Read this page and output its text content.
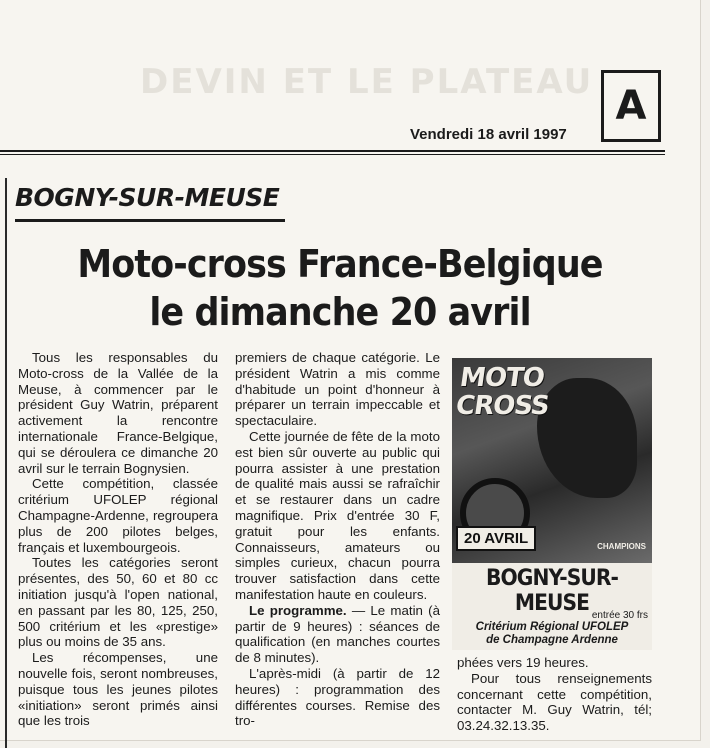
DEVIN ET LE PLATEAU
Vendredi 18 avril 1997
A
BOGNY-SUR-MEUSE
Moto-cross France-Belgique
le dimanche 20 avril

Tous les responsables du Moto-cross de la Vallée de la Meuse, à commencer par le président Guy Watrin, préparent activement la rencontre internationale France-Belgique, qui se déroulera ce dimanche 20 avril sur le terrain Bognysien.

Cette compétition, classée critérium UFOLEP régional Champagne-Ardenne, regroupera plus de 200 pilotes belges, français et luxembourgeois.

Toutes les catégories seront présentes, des 50, 60 et 80 cc initiation jusqu'à l'open national, en passant par les 80, 125, 250, 500 critérium et les «prestige» plus ou moins de 35 ans.

Les récompenses, une nouvelle fois, seront nombreuses, puisque tous les jeunes pilotes «initiation» seront primés ainsi que les trois

premiers de chaque catégorie. Le président Watrin a mis comme d'habitude un point d'honneur à préparer un terrain impeccable et spectaculaire.

Cette journée de fête de la moto est bien sûr ouverte au public qui pourra assister à une prestation de qualité mais aussi se rafraîchir et se restaurer dans un cadre magnifique. Prix d'entrée 30 F, gratuit pour les enfants. Connaisseurs, amateurs ou simples curieux, chacun pourra trouver satisfaction dans cette manifestation haute en couleurs.

Le programme. — Le matin (à partir de 9 heures) : séances de qualification (en manches courtes de 8 minutes).

L'après-midi (à partir de 12 heures) : programmation des différentes courses. Remise des tro-

MOTO
CROSS
20 AVRIL	CHAMPIONS
BOGNY-SUR-MEUSE entrée 30 frs
Critérium Régional UFOLEP
de Champagne Ardenne

phées vers 19 heures.

Pour tous renseignements concernant cette compétition, contacter M. Guy Watrin, tél; 03.24.32.13.35.
